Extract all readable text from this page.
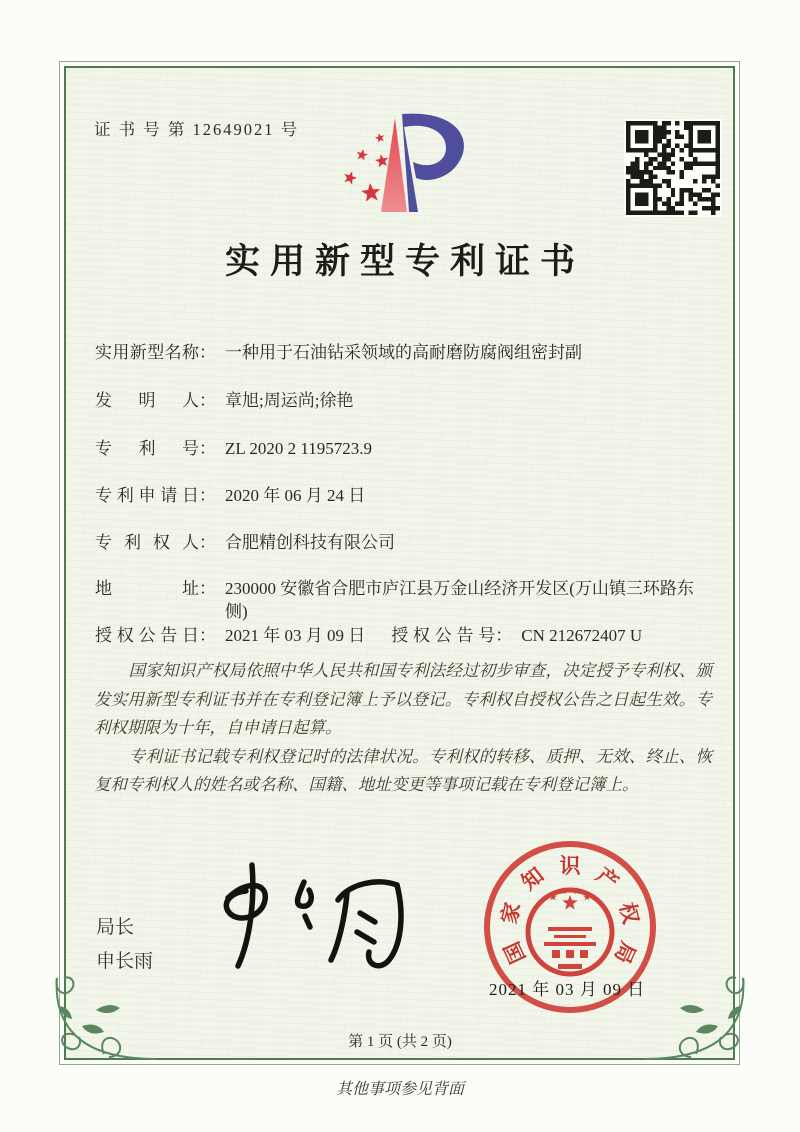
证 书 号 第 12649021 号
实用新型专利证书
实用新型名称 ： 一种用于石油钻采领域的高耐磨防腐阀组密封副
发明人 ： 章旭;周运尚;徐艳
专利号 ： ZL 2020 2 1195723.9
专利申请日 ： 2020 年 06 月 24 日
专利权人 ： 合肥精创科技有限公司
地址 ： 230000 安徽省合肥市庐江县万金山经济开发区(万山镇三环路东侧)
授权公告日 ： 2021 年 03 月 09 日 授权公告号 ： CN 212672407 U

国家知识产权局依照中华人民共和国专利法经过初步审查，决定授予专利权、颁发实用新型专利证书并在专利登记簿上予以登记。专利权自授权公告之日起生效。专利权期限为十年，自申请日起算。

专利证书记载专利权登记时的法律状况。专利权的转移、质押、无效、终止、恢复和专利权人的姓名或名称、国籍、地址变更等事项记载在专利登记簿上。

局长
申长雨	国
家
知 识 产
权
局
2021 年 03 月 09 日
第 1 页 (共 2 页)
其他事项参见背面
